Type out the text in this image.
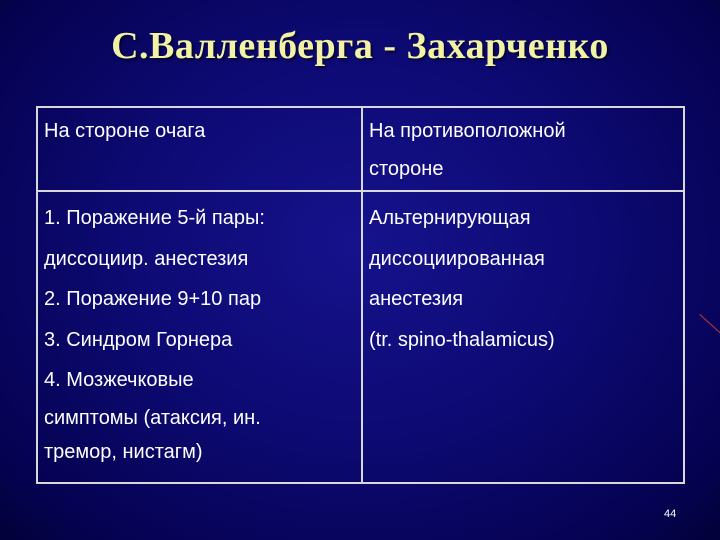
С.Валленберга - Захарченко
На стороне очага	На противоположной
стороне
1. Поражение 5-й пары:
диссоциир. анестезия
2. Поражение 9+10 пар
3. Синдром Горнера
4. Мозжечковые
симптомы (атаксия, ин.
тремор, нистагм)
Альтернирующая
диссоциированная
анестезия
(tr. spino-thalamicus)
44
